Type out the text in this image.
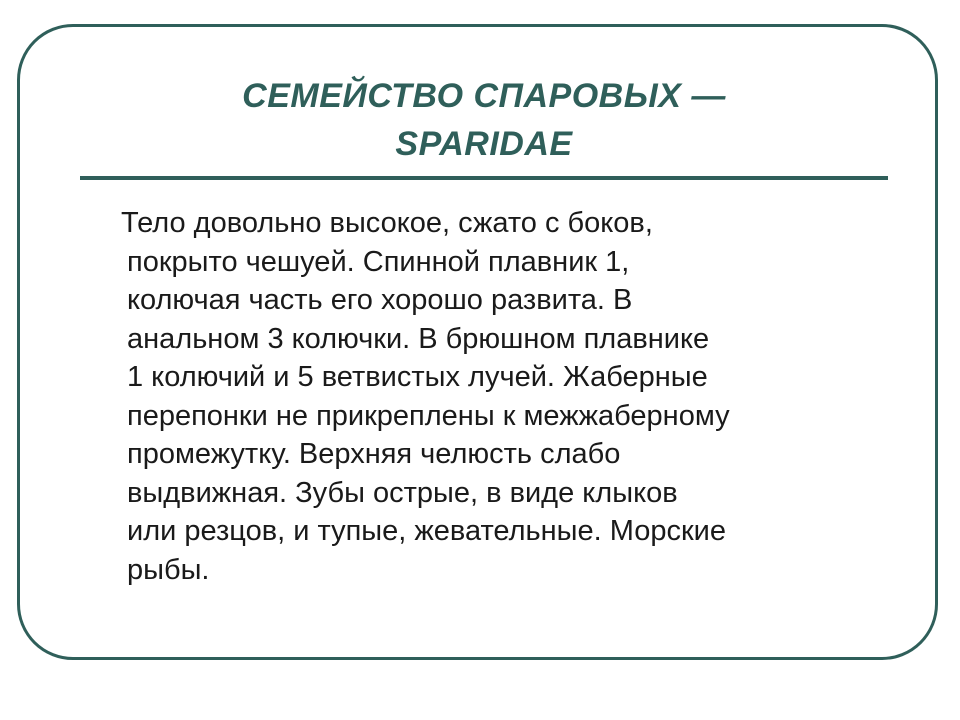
СЕМЕЙСТВО СПАРОВЫХ —
SPARIDAE

Тело довольно высокое, сжато с боков,
покрыто чешуей. Спинной плавник 1,
колючая часть его хорошо развита. В
анальном 3 колючки. В брюшном плавнике
1 колючий и 5 ветвистых лучей. Жаберные
перепонки не прикреплены к межжаберному
промежутку. Верхняя челюсть слабо
выдвижная. Зубы острые, в виде клыков
или резцов, и тупые, жевательные. Морские
рыбы.
